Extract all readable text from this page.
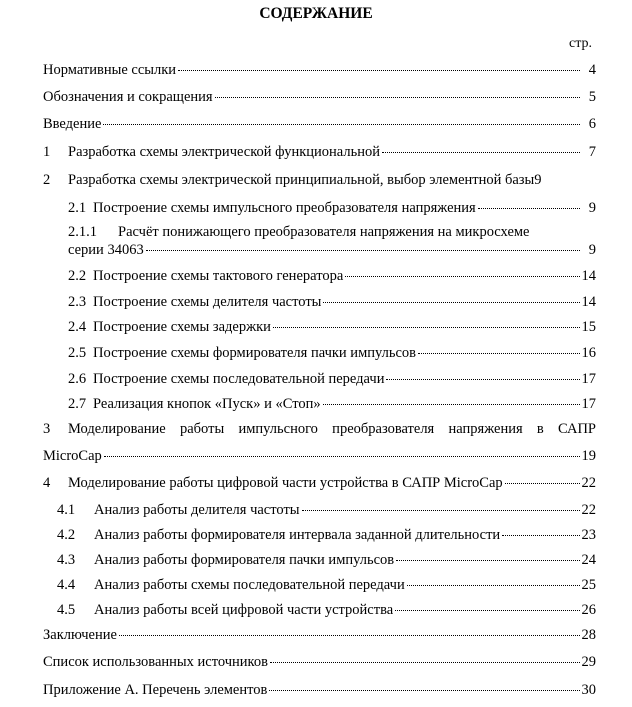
СОДЕРЖАНИЕ
стр.
Нормативные ссылки	4
Обозначения и сокращения	5
Введение	6
1	Разработка схемы электрической функциональной	7
2	Разработка схемы электрической принципиальной, выбор элементной базы 9
2.1 Построение схемы импульсного преобразователя напряжения	9
2.1.1 Расчёт понижающего преобразователя напряжения на микросхеме
серии 34063	9
2.2 Построение схемы тактового генератора	14
2.3 Построение схемы делителя частоты	14
2.4 Построение схемы задержки	15
2.5 Построение схемы формирователя пачки импульсов	16
2.6 Построение схемы последовательной передачи	17
2.7 Реализация кнопок «Пуск» и «Стоп»	17
3	Моделирование работы импульсного преобразователя напряжения в САПР
MicroCap	19
4	Моделирование работы цифровой части устройства в САПР MicroCap	22
4.1	Анализ работы делителя частоты	22
4.2	Анализ работы формирователя интервала заданной длительности	23
4.3	Анализ работы формирователя пачки импульсов	24
4.4	Анализ работы схемы последовательной передачи	25
4.5	Анализ работы всей цифровой части устройства	26
Заключение	28
Список использованных источников	29
Приложение А. Перечень элементов	30
